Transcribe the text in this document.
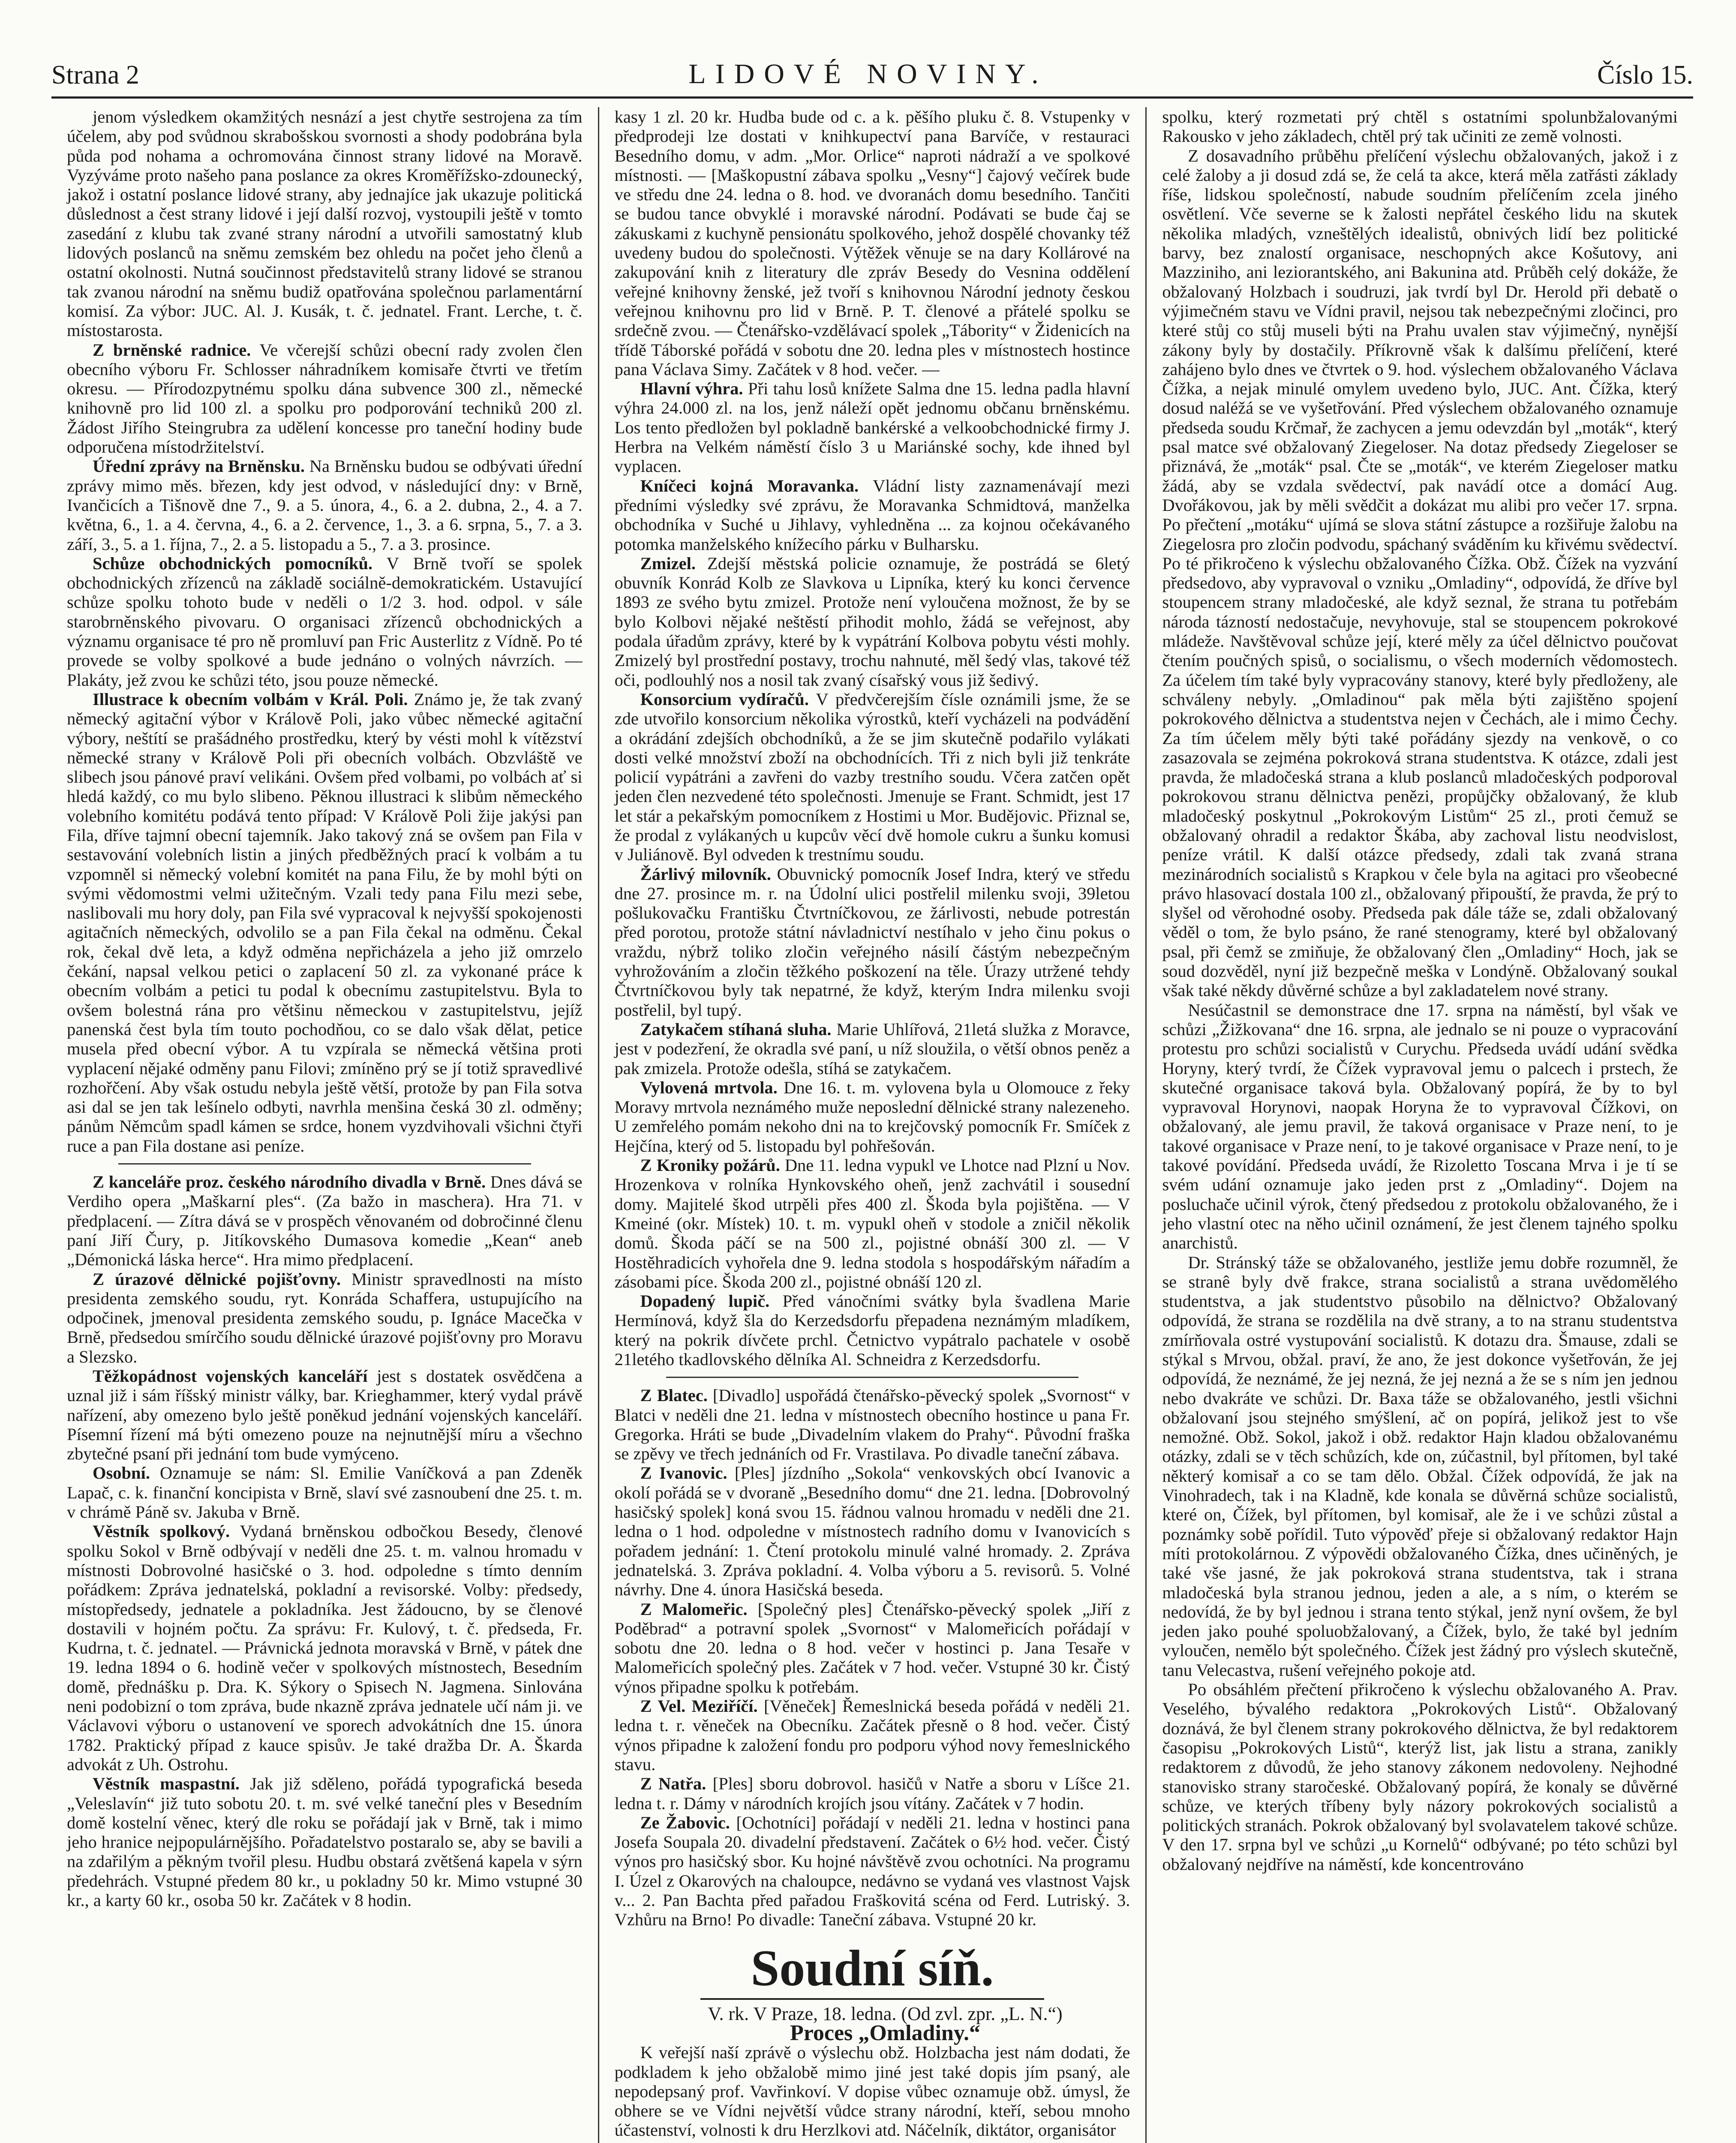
Strana 2	LIDOVÉ NOVINY.	Číslo 15.

jenom výsledkem okamžitých nesnází a jest chytře sestrojena za tím účelem, aby pod svůdnou skrabošskou svornosti a shody podobrána byla půda pod nohama a ochromována činnost strany lidové na Moravě. Vyzýváme proto našeho pana poslance za okres Kroměřížsko-zdounecký, jakož i ostatní poslance lidové strany, aby jednajíce jak ukazuje politická důslednost a čest strany lidové i její další rozvoj, vystoupili ještě v tomto zasedání z klubu tak zvané strany národní a utvořili samostatný klub lidových poslanců na sněmu zemském bez ohledu na počet jeho členů a ostatní okolnosti. Nutná součinnost představitelů strany lidové se stranou tak zvanou národní na sněmu budiž opatřována společnou parlamentární komisí. Za výbor: JUC. Al. J. Kusák, t. č. jednatel. Frant. Lerche, t. č. místostarosta.

Z brněnské radnice. Ve včerejší schůzi obecní rady zvolen člen obecního výboru Fr. Schlosser náhradníkem komisaře čtvrti ve třetím okresu. — Přírodozpytnému spolku dána subvence 300 zl., německé knihovně pro lid 100 zl. a spolku pro podporování techniků 200 zl. Žádost Jiřího Steingrubra za udělení koncesse pro taneční hodiny bude odporučena místodržitelství.

Úřední zprávy na Brněnsku. Na Brněnsku budou se odbývati úřední zprávy mimo měs. březen, kdy jest odvod, v následující dny: v Brně, Ivančicích a Tišnově dne 7., 9. a 5. února, 4., 6. a 2. dubna, 2., 4. a 7. května, 6., 1. a 4. června, 4., 6. a 2. července, 1., 3. a 6. srpna, 5., 7. a 3. září, 3., 5. a 1. října, 7., 2. a 5. listopadu a 5., 7. a 3. prosince.

Schůze obchodnických pomocníků. V Brně tvoří se spolek obchodnických zřízenců na základě sociálně-demokratickém. Ustavující schůze spolku tohoto bude v neděli o 1/2 3. hod. odpol. v sále starobrněnského pivovaru. O organisaci zřízenců obchodnických a významu organisace té pro ně promluví pan Fric Austerlitz z Vídně. Po té provede se volby spolkové a bude jednáno o volných návrzích. — Plakáty, jež zvou ke schůzi této, jsou pouze německé.

Illustrace k obecním volbám v Král. Poli. Známo je, že tak zvaný německý agitační výbor v Králově Poli, jako vůbec německé agitační výbory, neštítí se prašádného prostředku, který by vésti mohl k vítězství německé strany v Králově Poli při obecních volbách. Obzvláště ve slibech jsou pánové praví velikáni. Ovšem před volbami, po volbách ať si hledá každý, co mu bylo slibeno. Pěknou illustraci k slibům německého volebního komitétu podává tento případ: V Králově Poli žije jakýsi pan Fila, dříve tajmní obecní tajemník. Jako takový zná se ovšem pan Fila v sestavování volebních listin a jiných předběžných prací k volbám a tu vzpomněl si německý volební komitét na pana Filu, že by mohl býti on svými vědomostmi velmi užitečným. Vzali tedy pana Filu mezi sebe, naslibovali mu hory doly, pan Fila své vypracoval k nejvyšší spokojenosti agitačních německých, odvolilo se a pan Fila čekal na odměnu. Čekal rok, čekal dvě leta, a když odměna nepřicházela a jeho již omrzelo čekání, napsal velkou petici o zaplacení 50 zl. za vykonané práce k obecním volbám a petici tu podal k obecnímu zastupitelstvu. Byla to ovšem bolestná rána pro většinu německou v zastupitelstvu, jejíž panenská čest byla tím touto pochodňou, co se dalo však dělat, petice musela před obecní výbor. A tu vzpírala se německá většina proti vyplacení nějaké odměny panu Filovi; zmíněno prý se jí totiž spravedlivé rozhořčení. Aby však ostudu nebyla ještě větší, protože by pan Fila sotva asi dal se jen tak lešínelo odbyti, navrhla menšina česká 30 zl. odměny; pánům Němcům spadl kámen se srdce, honem vyzdvihovali všichni čtyři ruce a pan Fila dostane asi peníze.

Z kanceláře proz. českého národního divadla v Brně. Dnes dává se Verdiho opera „Maškarní ples“. (Za bažo in maschera). Hra 71. v předplacení. — Zítra dává se v prospěch věnovaném od dobročinné členu paní Jiří Čury, p. Jitíkovského Dumasova komedie „Kean“ aneb „Démonická láska herce“. Hra mimo předplacení.

Z úrazové dělnické pojišťovny. Ministr spravedlnosti na místo presidenta zemského soudu, ryt. Konráda Schaffera, ustupujícího na odpočinek, jmenoval presidenta zemského soudu, p. Ignáce Macečka v Brně, předsedou smírčího soudu dělnické úrazové pojišťovny pro Moravu a Slezsko.

Těžkopádnost vojenských kanceláří jest s dostatek osvědčena a uznal již i sám říšský ministr války, bar. Krieghammer, který vydal právě nařízení, aby omezeno bylo ještě poněkud jednání vojenských kanceláří. Písemní řízení má býti omezeno pouze na nejnutnější míru a všechno zbytečné psaní při jednání tom bude vymýceno.

Osobní. Oznamuje se nám: Sl. Emilie Vaníčková a pan Zdeněk Lapač, c. k. finanční koncipista v Brně, slaví své zasnoubení dne 25. t. m. v chrámě Páně sv. Jakuba v Brně.

Věstník spolkový. Vydaná brněnskou odbočkou Besedy, členové spolku Sokol v Brně odbývají v neděli dne 25. t. m. valnou hromadu v místnosti Dobrovolné hasičské o 3. hod. odpoledne s tímto denním pořádkem: Zpráva jednatelská, pokladní a revisorské. Volby: předsedy, místopředsedy, jednatele a pokladníka. Jest žádoucno, by se členové dostavili v hojném počtu. Za správu: Fr. Kulový, t. č. předseda, Fr. Kudrna, t. č. jednatel. — Právnická jednota moravská v Brně, v pátek dne 19. ledna 1894 o 6. hodině večer v spolkových místnostech, Besedním domě, přednášku p. Dra. K. Sýkory o Spisech N. Jagmena. Sinlována neni podobizní o tom zpráva, bude nkazně zpráva jednatele učí nám ji. ve Václavovi výboru o ustanovení ve sporech advokátních dne 15. února 1782. Praktický případ z kauce spisův. Je také dražba Dr. A. Škarda advokát z Uh. Ostrohu.

Věstník maspastní. Jak již sděleno, pořádá typografická beseda „Veleslavín“ již tuto sobotu 20. t. m. své velké taneční ples v Besedním domě kostelní věnec, který dle roku se pořádají jak v Brně, tak i mimo jeho hranice nejpopulárnějšího. Pořadatelstvo postaralo se, aby se bavili a na zdařilým a pěkným tvořil plesu. Hudbu obstará zvětšená kapela v sýrn předehrách. Vstupné předem 80 kr., u pokladny 50 kr. Mimo vstupné 30 kr., a karty 60 kr., osoba 50 kr. Začátek v 8 hodin.

kasy 1 zl. 20 kr. Hudba bude od c. a k. pěšího pluku č. 8. Vstupenky v předprodeji lze dostati v knihkupectví pana Barvíče, v restauraci Besedního domu, v adm. „Mor. Orlice“ naproti nádraží a ve spolkové místnosti. — [Maškopustní zábava spolku „Vesny“] čajový večírek bude ve středu dne 24. ledna o 8. hod. ve dvoranách domu besedního. Tančiti se budou tance obvyklé i moravské národní. Podávati se bude čaj se zákuskami z kuchyně pensionátu spolkového, jehož dospělé chovanky též uvedeny budou do společnosti. Výtěžek věnuje se na dary Kollárové na zakupování knih z literatury dle zpráv Besedy do Vesnina oddělení veřejné knihovny ženské, jež tvoří s knihovnou Národní jednoty českou veřejnou knihovnu pro lid v Brně. P. T. členové a přátelé spolku se srdečně zvou. — Čtenářsko-vzdělávací spolek „Tábority“ v Židenicích na třídě Táborské pořádá v sobotu dne 20. ledna ples v místnostech hostince pana Václava Simy. Začátek v 8 hod. večer. —

Hlavní výhra. Při tahu losů knížete Salma dne 15. ledna padla hlavní výhra 24.000 zl. na los, jenž náleží opět jednomu občanu brněnskému. Los tento předložen byl pokladně bankérské a velkoobchodnické firmy J. Herbra na Velkém náměstí číslo 3 u Mariánské sochy, kde ihned byl vyplacen.

Kníčeci kojná Moravanka. Vládní listy zaznamenávají mezi předními výsledky své zprávu, že Moravanka Schmidtová, manželka obchodníka v Suché u Jihlavy, vyhledněna ... za kojnou očekávaného potomka manželského knížecího párku v Bulharsku.

Zmizel. Zdejší městská policie oznamuje, že postrádá se 6letý obuvník Konrád Kolb ze Slavkova u Lipníka, který ku konci července 1893 ze svého bytu zmizel. Protože není vyloučena možnost, že by se bylo Kolbovi nějaké neštěstí přihodit mohlo, žádá se veřejnost, aby podala úřadům zprávy, které by k vypátrání Kolbova pobytu vésti mohly. Zmizelý byl prostřední postavy, trochu nahnuté, měl šedý vlas, takové též oči, podlouhlý nos a nosil tak zvaný císařský vous již šedivý.

Konsorcium vydíračů. V předvčerejším čísle oznámili jsme, že se zde utvořilo konsorcium několika výrostků, kteří vycházeli na podvádění a okrádání zdejších obchodníků, a že se jim skutečně podařilo vylákati dosti velké množství zboží na obchodnících. Tři z nich byli již tenkráte policií vypátráni a zavřeni do vazby trestního soudu. Včera zatčen opět jeden člen nezvedené této společnosti. Jmenuje se Frant. Schmidt, jest 17 let stár a pekařským pomocníkem z Hostimi u Mor. Budějovic. Přiznal se, že prodal z vylákaných u kupcův věcí dvě homole cukru a šunku komusi v Juliánově. Byl odveden k trestnímu soudu.

Žárlivý milovník. Obuvnický pomocník Josef Indra, který ve středu dne 27. prosince m. r. na Údolní ulici postřelil milenku svoji, 39letou pošlukovačku Františku Čtvrtníčkovou, ze žárlivosti, nebude potrestán před porotou, protože státní návladnictví nestíhalo v jeho činu pokus o vraždu, nýbrž toliko zločin veřejného násilí částým nebezpečným vyhrožováním a zločin těžkého poškození na těle. Úrazy utržené tehdy Čtvrtníčkovou byly tak nepatrné, že když, kterým Indra milenku svoji postřelil, byl tupý.

Zatykačem stíhaná sluha. Marie Uhlířová, 21letá služka z Moravce, jest v podezření, že okradla své paní, u níž sloužila, o větší obnos peněz a pak zmizela. Protože odešla, stíhá se zatykačem.

Vylovená mrtvola. Dne 16. t. m. vylovena byla u Olomouce z řeky Moravy mrtvola neznámého muže neposlední dělnické strany nalezeneho. U zemřelého pomám nekoho dni na to krejčovský pomocník Fr. Smíček z Hejčína, který od 5. listopadu byl pohřešován.

Z Kroniky požárů. Dne 11. ledna vypukl ve Lhotce nad Plzní u Nov. Hrozenkova v rolníka Hynkovského oheň, jenž zachvátil i sousední domy. Majitelé škod utrpěli přes 400 zl. Škoda byla pojištěna. — V Kmeiné (okr. Místek) 10. t. m. vypukl oheň v stodole a zničil několik domů. Škoda páčí se na 500 zl., pojistné obnáší 300 zl. — V Hostěhradicích vyhořela dne 9. ledna stodola s hospodářským nářadím a zásobami píce. Škoda 200 zl., pojistné obnáší 120 zl.

Dopadený lupič. Před vánočními svátky byla švadlena Marie Hermínová, když šla do Kerzedsdorfu přepadena neznámým mladíkem, který na pokrik dívčete prchl. Četnictvo vypátralo pachatele v osobě 21letého tkadlovského dělníka Al. Schneidra z Kerzedsdorfu.

Z Blatec. [Divadlo] uspořádá čtenářsko-pěvecký spolek „Svornost“ v Blatci v neděli dne 21. ledna v místnostech obecního hostince u pana Fr. Gregorka. Hráti se bude „Divadelním vlakem do Prahy“. Původní fraška se zpěvy ve třech jednáních od Fr. Vrastilava. Po divadle taneční zábava.

Z Ivanovic. [Ples] jízdního „Sokola“ venkovských obcí Ivanovic a okolí pořádá se v dvoraně „Besedního domu“ dne 21. ledna. [Dobrovolný hasičský spolek] koná svou 15. řádnou valnou hromadu v neděli dne 21. ledna o 1 hod. odpoledne v místnostech radního domu v Ivanovicích s pořadem jednání: 1. Čtení protokolu minulé valné hromady. 2. Zpráva jednatelská. 3. Zpráva pokladní. 4. Volba výboru a 5. revisorů. 5. Volné návrhy. Dne 4. února Hasičská beseda.

Z Malomeřic. [Společný ples] Čtenářsko-pěvecký spolek „Jiří z Poděbrad“ a potravní spolek „Svornost“ v Malomeřicích pořádají v sobotu dne 20. ledna o 8 hod. večer v hostinci p. Jana Tesaře v Malomeřicích společný ples. Začátek v 7 hod. večer. Vstupné 30 kr. Čistý výnos připadne spolku k potřebám.

Z Vel. Meziříčí. [Věneček] Řemeslnická beseda pořádá v neděli 21. ledna t. r. věneček na Obecníku. Začátek přesně o 8 hod. večer. Čistý výnos připadne k založení fondu pro podporu výhod novy řemeslnického stavu.

Z Natřa. [Ples] sboru dobrovol. hasičů v Natře a sboru v Líšce 21. ledna t. r. Dámy v národních krojích jsou vítány. Začátek v 7 hodin.

Ze Žabovic. [Ochotníci] pořádají v neděli 21. ledna v hostinci pana Josefa Soupala 20. divadelní představení. Začátek o 6½ hod. večer. Čistý výnos pro hasičský sbor. Ku hojné návštěvě zvou ochotníci. Na programu I. Úzel z Okarových na chaloupce, nedávno se vydaná ves vlastnost Vajsk v... 2. Pan Bachta před pařadou Fraškovitá scéna od Ferd. Lutriský. 3. Vzhůru na Brno! Po divadle: Taneční zábava. Vstupné 20 kr.

Soudní síň.

V. rk. V Praze, 18. ledna. (Od zvl. zpr. „L. N.“)

Proces „Omladiny.“

K veřejší naší zprávě o výslechu obž. Holzbacha jest nám dodati, že podkladem k jeho obžalobě mimo jiné jest také dopis jím psaný, ale nepodepsaný prof. Vavřinkoví. V dopise vůbec oznamuje obž. úmysl, že obhere se ve Vídni největší vůdce strany národní, kteří, sebou mnoho účastenství, volnosti k dru Herzlkovi atd. Náčelník, diktátor, organisátor

spolku, který rozmetati prý chtěl s ostatními spolunbžalovanými Rakousko v jeho základech, chtěl prý tak učiniti ze země volnosti.

Z dosavadního průběhu přelíčení výslechu obžalovaných, jakož i z celé žaloby a ji dosud zdá se, že celá ta akce, která měla zatřásti základy říše, lidskou společností, nabude soudním přelíčením zcela jiného osvětlení. Vče severne se k žalosti nepřátel českého lidu na skutek několika mladých, vzneštělých idealistů, obnivých lidí bez politické barvy, bez znalostí organisace, neschopných akce Košutovy, ani Mazziniho, ani leziorantského, ani Bakunina atd. Průběh celý dokáže, že obžalovaný Holzbach i soudruzi, jak tvrdí byl Dr. Herold při debatě o výjimečném stavu ve Vídni pravil, nejsou tak nebezpečnými zločinci, pro které stůj co stůj museli býti na Prahu uvalen stav výjimečný, nynější zákony byly by dostačily. Příkrovně však k dalšímu přelíčení, které zahájeno bylo dnes ve čtvrtek o 9. hod. výslechem obžalovaného Václava Čížka, a nejak minulé omylem uvedeno bylo, JUC. Ant. Čížka, který dosud naléžá se ve vyšetřování. Před výslechem obžalovaného oznamuje předseda soudu Krčmař, že zachycen a jemu odevzdán byl „moták“, který psal matce své obžalovaný Ziegeloser. Na dotaz předsedy Ziegeloser se přiznává, že „moták“ psal. Čte se „moták“, ve kterém Ziegeloser matku žádá, aby se vzdala svědectví, pak navádí otce a domácí Aug. Dvořákovou, jak by měli svědčit a dokázat mu alibi pro večer 17. srpna. Po přečtení „motáku“ ujímá se slova státní zástupce a rozšiřuje žalobu na Ziegelosra pro zločin podvodu, spáchaný sváděním ku křivému svědectví. Po té přikročeno k výslechu obžalovaného Čížka. Obž. Čížek na vyzvání předsedovo, aby vypravoval o vzniku „Omladiny“, odpovídá, že dříve byl stoupencem strany mladočeské, ale když seznal, že strana tu potřebám národa tázností nedostačuje, nevyhovuje, stal se stoupencem pokrokové mládeže. Navštěvoval schůze její, které měly za účel dělnictvo poučovat čtením poučných spisů, o socialismu, o všech moderních vědomostech. Za účelem tím také byly vypracovány stanovy, které byly předloženy, ale schváleny nebyly. „Omladinou“ pak měla býti zajištěno spojení pokrokového dělnictva a studentstva nejen v Čechách, ale i mimo Čechy. Za tím účelem měly býti také pořádány sjezdy na venkově, o co zasazovala se zejména pokroková strana studentstva. K otázce, zdali jest pravda, že mladočeská strana a klub poslanců mladočeských podporoval pokrokovou stranu dělnictva penězi, propůjčky obžalovaný, že klub mladočeský poskytnul „Pokrokovým Listům“ 25 zl., proti čemuž se obžalovaný ohradil a redaktor Škába, aby zachoval listu neodvislost, peníze vrátil. K další otázce předsedy, zdali tak zvaná strana mezinárodních socialistů s Krapkou v čele byla na agitaci pro všeobecné právo hlasovací dostala 100 zl., obžalovaný připouští, že pravda, že prý to slyšel od věrohodné osoby. Předseda pak dále táže se, zdali obžalovaný věděl o tom, že bylo psáno, že rané stenogramy, které byl obžalovaný psal, při čemž se zmiňuje, že obžalovaný člen „Omladiny“ Hoch, jak se soud dozvěděl, nyní již bezpečně meška v Londýně. Obžalovaný soukal však také někdy důvěrné schůze a byl zakladatelem nové strany.

Nesúčastnil se demonstrace dne 17. srpna na náměstí, byl však ve schůzi „Žižkovana“ dne 16. srpna, ale jednalo se ni pouze o vypracování protestu pro schůzi socialistů v Curychu. Předseda uvádí udání svědka Horyny, který tvrdí, že Čížek vypravoval jemu o palcech i prstech, že skutečné organisace taková byla. Obžalovaný popírá, že by to byl vypravoval Horynovi, naopak Horyna že to vypravoval Čížkovi, on obžalovaný, ale jemu pravil, že taková organisace v Praze není, to je takové organisace v Praze není, to je takové organisace v Praze není, to je takové povídání. Předseda uvádí, že Rizoletto Toscana Mrva i je tí se svém udání oznamuje jako jeden prst z „Omladiny“. Dojem na posluchače učinil výrok, čtený předsedou z protokolu obžalovaného, že i jeho vlastní otec na něho učinil oznámení, že jest členem tajného spolku anarchistů.

Dr. Stránský táže se obžalovaného, jestliže jemu dobře rozumněl, že se stranê byly dvě frakce, strana socialistů a strana uvědomělého studentstva, a jak studentstvo působilo na dělnictvo? Obžalovaný odpovídá, že strana se rozdělila na dvě strany, a to na stranu studentstva zmírňovala ostré vystupování socialistů. K dotazu dra. Šmause, zdali se stýkal s Mrvou, obžal. praví, že ano, že jest dokonce vyšetřován, že jej odpovídá, že neznámé, že jej nezná, že jej nezná a že se s ním jen jednou nebo dvakráte ve schůzi. Dr. Baxa táže se obžalovaného, jestli všichni obžalovaní jsou stejného smýšlení, ač on popírá, jelikož jest to vše nemožné. Obž. Sokol, jakož i obž. redaktor Hajn kladou obžalovanému otázky, zdali se v těch schůzích, kde on, zúčastnil, byl přítomen, byl také některý komisař a co se tam dělo. Obžal. Čížek odpovídá, že jak na Vinohradech, tak i na Kladně, kde konala se důvěrná schůze socialistů, které on, Čížek, byl přítomen, byl komisař, ale že i ve schůzi zůstal a poznámky sobě pořídil. Tuto výpověď přeje si obžalovaný redaktor Hajn míti protokolárnou. Z výpovědi obžalovaného Čížka, dnes učiněných, je také vše jasné, že jak pokroková strana studentstva, tak i strana mladočeská byla stranou jednou, jeden a ale, a s ním, o kterém se nedovídá, že by byl jednou i strana tento stýkal, jenž nyní ovšem, že byl jeden jako pouhé spoluobžalovaný, a Čížek, bylo, že také byl jedním vyloučen, nemělo být společného. Čížek jest žádný pro výslech skutečně, tanu Velecastva, rušení veřejného pokoje atd.

Po obsáhlém přečtení přikročeno k výslechu obžalovaného A. Prav. Veselého, bývalého redaktora „Pokrokových Listů“. Obžalovaný doznává, že byl členem strany pokrokového dělnictva, že byl redaktorem časopisu „Pokrokových Listů“, kterýž list, jak listu a strana, zanikly redaktorem z důvodů, že jeho stanovy zákonem nedovoleny. Nejhodné stanovisko strany staročeské. Obžalovaný popírá, že konaly se důvěrné schůze, ve kterých tříbeny byly názory pokrokových socialistů a politických stranách. Pokrok obžalovaný byl svolavatelem takové schůze. V den 17. srpna byl ve schůzi „u Kornelů“ odbývané; po této schůzi byl obžalovaný nejdříve na náměstí, kde koncentrováno
